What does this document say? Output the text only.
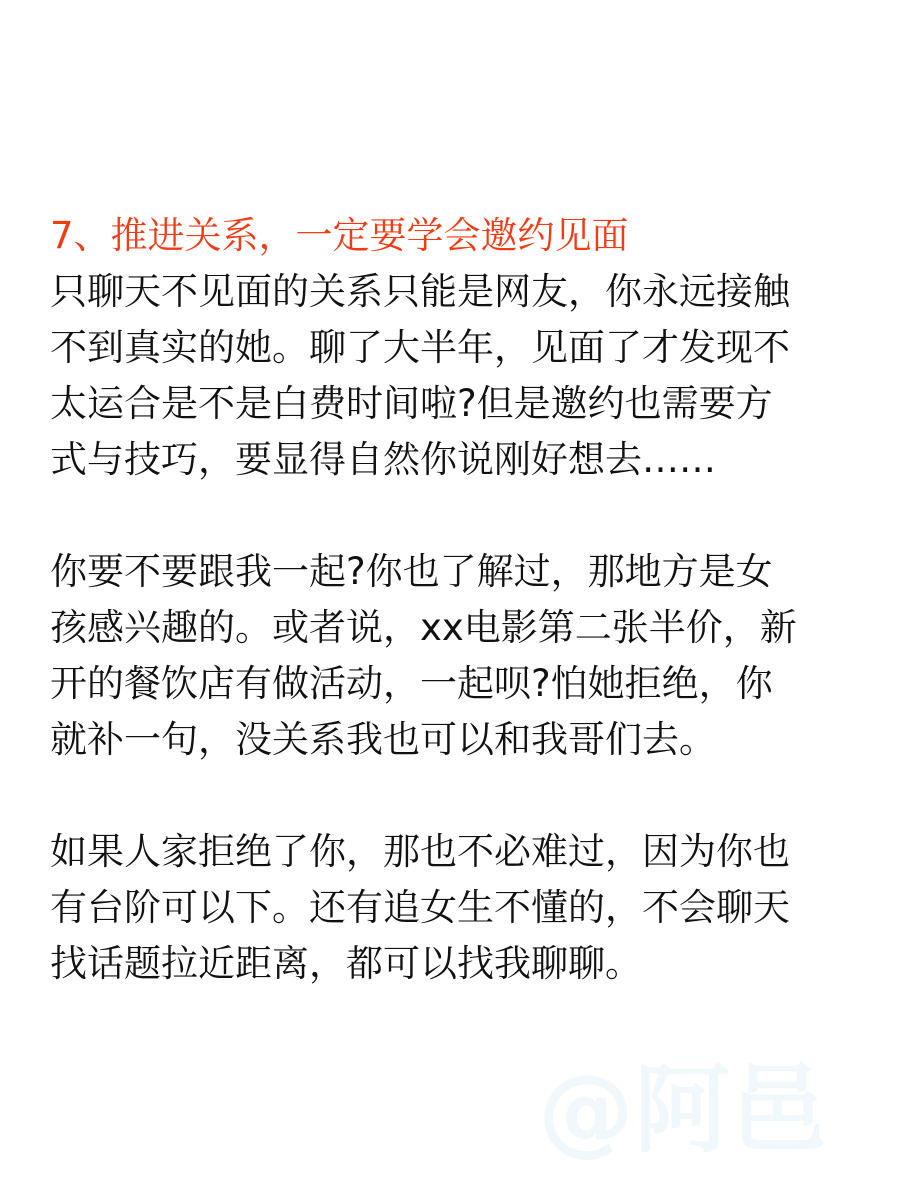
7、推进关系，一定要学会邀约见面

只聊天不见面的关系只能是网友，你永远接触
不到真实的她。聊了大半年，见面了才发现不
太运合是不是白费时间啦?但是邀约也需要方
式与技巧，要显得自然你说刚好想去……

你要不要跟我一起?你也了解过，那地方是女
孩感兴趣的。或者说，xx电影第二张半价，新
开的餐饮店有做活动，一起呗?怕她拒绝，你
就补一句，没关系我也可以和我哥们去。

如果人家拒绝了你，那也不必难过，因为你也
有台阶可以下。还有追女生不懂的，不会聊天
找话题拉近距离，都可以找我聊聊。

@阿邑
